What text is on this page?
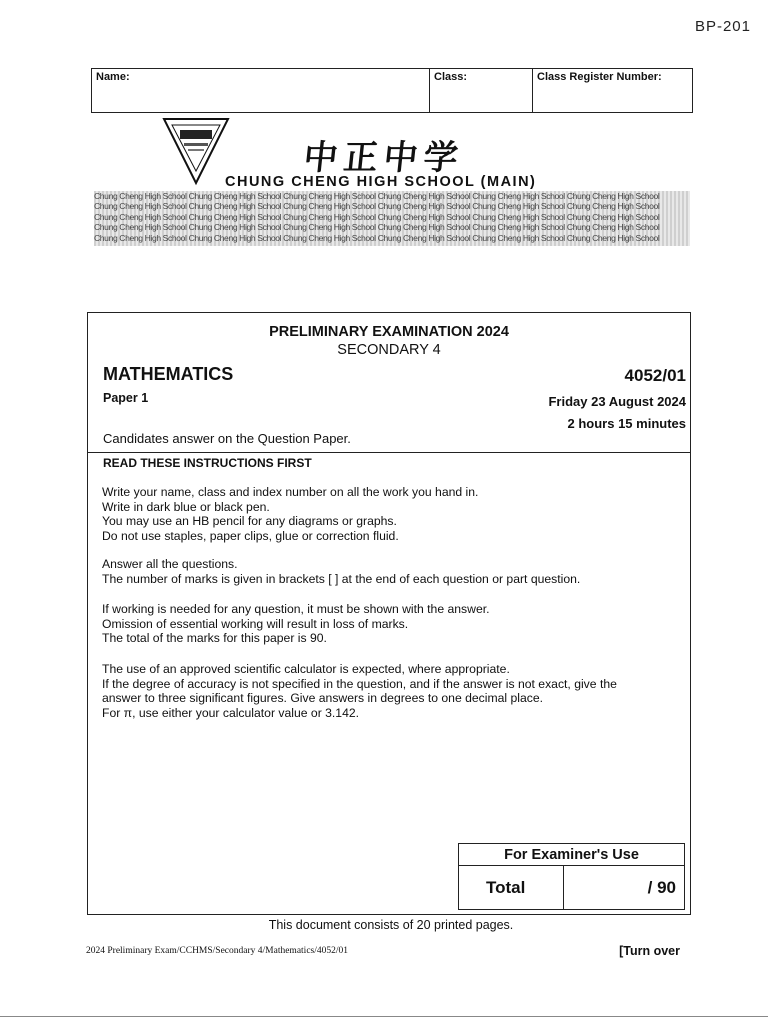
BP-201
Name:	Class:	Class Register Number:
中正中学
CHUNG CHENG HIGH SCHOOL (MAIN)
Chung Cheng High School Chung Cheng High School Chung Cheng High School Chung Cheng High School Chung Cheng High School Chung Cheng High School
Chung Cheng High School Chung Cheng High School Chung Cheng High School Chung Cheng High School Chung Cheng High School Chung Cheng High School
Chung Cheng High School Chung Cheng High School Chung Cheng High School Chung Cheng High School Chung Cheng High School Chung Cheng High School
Chung Cheng High School Chung Cheng High School Chung Cheng High School Chung Cheng High School Chung Cheng High School Chung Cheng High School
Chung Cheng High School Chung Cheng High School Chung Cheng High School Chung Cheng High School Chung Cheng High School Chung Cheng High School
PRELIMINARY EXAMINATION 2024
SECONDARY 4
MATHEMATICS	4052/01
Paper 1	Friday 23 August 2024
2 hours 15 minutes
Candidates answer on the Question Paper.
READ THESE INSTRUCTIONS FIRST

Write your name, class and index number on all the work you hand in.

Write in dark blue or black pen.

You may use an HB pencil for any diagrams or graphs.

Do not use staples, paper clips, glue or correction fluid.

Answer all the questions.

The number of marks is given in brackets [ ] at the end of each question or part question.

If working is needed for any question, it must be shown with the answer.

Omission of essential working will result in loss of marks.

The total of the marks for this paper is 90.

The use of an approved scientific calculator is expected, where appropriate.

If the degree of accuracy is not specified in the question, and if the answer is not exact, give the

answer to three significant figures. Give answers in degrees to one decimal place.

For π, use either your calculator value or 3.142.

For Examiner's Use
Total	/ 90
This document consists of 20 printed pages.
2024 Preliminary Exam/CCHMS/Secondary 4/Mathematics/4052/01	[Turn over
